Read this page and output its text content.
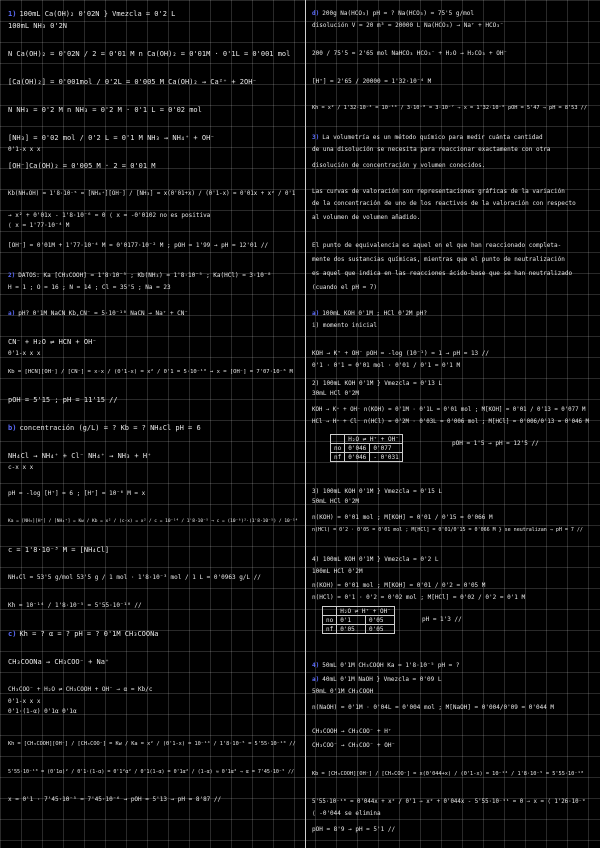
1) 100mL Ca(OH)₂ 0'02N } Vmezcla = 0'2 L
100mL NH₃ 0'2N
N Ca(OH)₂ = 0'02N / 2 = 0'01 M n Ca(OH)₂ = 0'01M · 0'1L = 0'001 mol
[Ca(OH)₂] = 0'001mol / 0'2L = 0'005 M Ca(OH)₂ → Ca²⁺ + 2OH⁻
N NH₃ = 0'2 M n NH₃ = 0'2 M · 0'1 L = 0'02 mol
[NH₃] = 0'02 mol / 0'2 L = 0'1 M NH₃ → NH₄⁺ + OH⁻
0'1-x x x
[OH⁻]Ca(OH)₂ = 0'005 M · 2 = 0'01 M
Kb(NH₄OH) = 1'8·10⁻⁵ = [NH₄⁺][OH⁻] / [NH₃] = x(0'01+x) / (0'1-x) = 0'01x + x² / 0'1
→ x² + 0'01x - 1'8·10⁻⁶ = 0 ⟨ x = -0'0102 no es positiva
⟨ x = 1'77·10⁻⁴ M
[OH⁻] = 0'01M + 1'77·10⁻⁴ M = 0'0177·10⁻² M ; pOH = 1'99 → pH = 12'01 //
2) DATOS: Ka [CH₃COOH] = 1'8·10⁻⁵ ; Kb(NH₃) = 1'8·10⁻⁵ ; Ka(HCl) = 3·10⁻⁸
H = 1 ; O = 16 ; N = 14 ; Cl = 35'5 ; Na = 23
a) pH? 0'1M NaCN Kb,CN⁻ = 5·10⁻¹⁰ NaCN → Na⁺ + CN⁻
CN⁻ + H₂O ⇌ HCN + OH⁻
0'1-x x x
Kb = [HCN][OH⁻] / [CN⁻] = x·x / (0'1-x) = x² / 0'1 = 5·10⁻¹⁰ → x = [OH⁻] = 7'07·10⁻⁶ M
pOH = 5'15 ; pH = 11'15 //
b) concentración (g/L) = ? Kb = ? NH₄Cl pH = 6
NH₄Cl → NH₄⁺ + Cl⁻ NH₄⁺ → NH₃ + H⁺
c-x x x
pH = -log [H⁺] = 6 ; [H⁺] = 10⁻⁶ M = x
Ka = [NH₃][H⁺] / [NH₄⁺] = Kw / Kb = x² / (c-x) = x² / c = 10⁻¹⁴ / 1'8·10⁻⁵ → c = (10⁻⁶)²·(1'8·10⁻⁵) / 10⁻¹⁴
c = 1'8·10⁻³ M = [NH₄Cl]
NH₄Cl = 53'5 g/mol 53'5 g / 1 mol · 1'8·10⁻³ mol / 1 L = 0'0963 g/L //
Kh = 10⁻¹⁴ / 1'8·10⁻⁵ = 5'55·10⁻¹⁰ //
c) Kh = ? α = ? pH = ? 0'1M CH₃COONa
CH₃COONa → CH₃COO⁻ + Na⁺
CH₃COO⁻ + H₂O ⇌ CH₃COOH + OH⁻ → α = Kb/c
0'1-x x x
0'1·(1-α) 0'1α 0'1α
Kh = [CH₃COOH][OH⁻] / [CH₃COO⁻] = Kw / Ka = x² / (0'1-x) = 10⁻¹⁴ / 1'8·10⁻⁵ = 5'55·10⁻¹⁰ //
5'55·10⁻¹⁰ = (0'1α)² / 0'1·(1-α) = 0'1²α² / 0'1(1-α) = 0'1α² / (1-α) ≈ 0'1α² → α = 7'45·10⁻⁵ //
x = 0'1 · 7'45·10⁻⁵ = 7'45·10⁻⁶ → pOH = 5'13 → pH = 8'87 //
d) 200g Na(HCO₃) pH = ? Na(HCO₃) = 75'5 g/mol
disolución V = 20 m³ = 20000 L Na(HCO₃) → Na⁺ + HCO₃⁻
200 / 75'5 = 2'65 mol NaHCO₃ HCO₃⁻ + H₂O → H₂CO₃ + OH⁻
[H⁺] = 2'65 / 20000 = 1'32·10⁻⁴ M
Kh = x² / 1'32·10⁻⁴ = 10⁻¹⁴ / 3·10⁻⁸ = 3·10⁻⁷ → x = 1'32·10⁻⁶ pOH = 5'47 → pH = 8'53 //
3) La volumetría es un método químico para medir cuánta cantidad
de una disolución se necesita para reaccionar exactamente con otra
disolución de concentración y volumen conocidos.
Las curvas de valoración son representaciones gráficas de la variación
de la concentración de uno de los reactivos de la valoración con respecto
al volumen de volumen añadido.
El punto de equivalencia es aquel en el que han reaccionado completa-
mente dos sustancias químicas, mientras que el punto de neutralización
es aquel que indica en las reacciones ácido-base que se han neutralizado
(cuando el pH = 7)
a) 100mL KOH 0'1M ; HCl 0'2M pH?
i) momento inicial
KOH → K⁺ + OH⁻ pOH = -log (10⁻¹) = 1 → pH = 13 //
0'1 · 0'1 = 0'01 mol · 0'01 / 0'1 = 0'1 M
2) 100mL KOH 0'1M } Vmezcla = 0'13 L
30mL HCl 0'2M
KOH → K⁺ + OH⁻ n(KOH) = 0'1M · 0'1L = 0'01 mol ; M[KOH] = 0'01 / 0'13 = 0'077 M
HCl → H⁺ + Cl⁻ n(HCl) = 0'2M · 0'03L = 0'006 mol ; M[HCl] = 0'006/0'13 = 0'046 M
	H₂O ⇌ H⁺ + OH⁻	
no	0'046	0'077
nf	0'046	- 0'031
pOH = 1'5 → pH = 12'5 //
3) 100mL KOH 0'1M } Vmezcla = 0'15 L
50mL HCl 0'2M
n(KOH) = 0'01 mol ; M[KOH] = 0'01 / 0'15 = 0'066 M
n(HCl) = 0'2 · 0'05 = 0'01 mol ; M[HCl] = 0'01/0'15 = 0'066 M } se neutralizan → pH = 7 //
4) 100mL KOH 0'1M } Vmezcla = 0'2 L
100mL HCl 0'2M
n(KOH) = 0'01 mol ; M[KOH] = 0'01 / 0'2 = 0'05 M
n(HCl) = 0'1 · 0'2 = 0'02 mol ; M[HCl] = 0'02 / 0'2 = 0'1 M
	H₂O ⇌ H⁺ + OH⁻	
no	0'1	0'05
nf	0'05	0'05
pH = 1'3 //
4) 50mL 0'1M CH₃COOH Ka = 1'8·10⁻⁵ pH = ?
a) 40mL 0'1M NaOH } Vmezcla = 0'09 L
50mL 0'1M CH₃COOH
n(NaOH) = 0'1M · 0'04L = 0'004 mol ; M[NaOH] = 0'004/0'09 = 0'044 M
CH₃COOH → CH₃COO⁻ + H⁺
CH₃COO⁻ → CH₃COO⁻ + OH⁻
Kb = [CH₃COOH][OH⁻] / [CH₃COO⁻] = x(0'044+x) / (0'1-x) = 10⁻¹⁴ / 1'8·10⁻⁵ = 5'55·10⁻¹⁰
5'55·10⁻¹⁰ = 0'044x + x² / 0'1 → x² + 0'044x - 5'55·10⁻¹¹ = 0 → x = ⟨ 1'26·10⁻⁹
⟨ -0'044 se elimina
pOH = 8'9 → pH = 5'1 //
